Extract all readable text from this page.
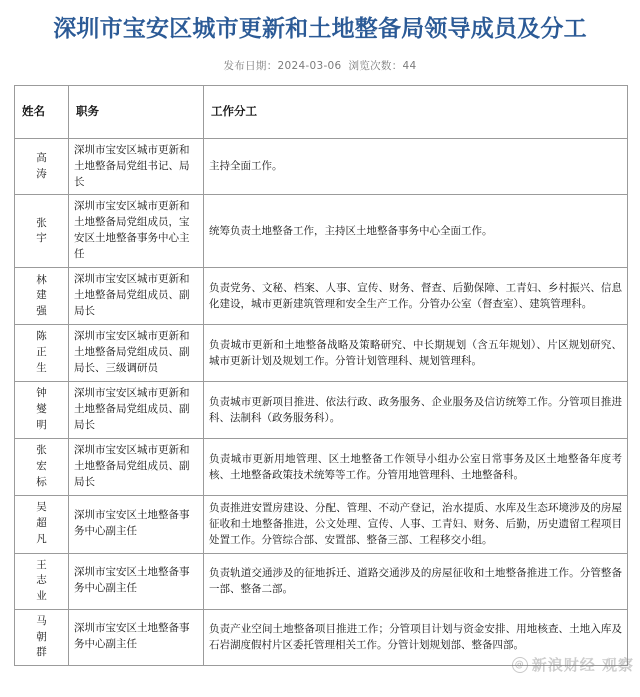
深圳市宝安区城市更新和土地整备局领导成员及分工

发布日期：2024-03-06 浏览次数：44

姓名	职务	工作分工
高涛	深圳市宝安区城市更新和土地整备局党组书记、局长	主持全面工作。

张宇	深圳市宝安区城市更新和土地整备局党组成员，宝安区土地整备事务中心主任	统筹负责土地整备工作，主持区土地整备事务中心全面工作。

林建强	深圳市宝安区城市更新和土地整备局党组成员、副局长	负责党务、文秘、档案、人事、宣传、财务、督查、后勤保障、工青妇、乡村振兴、信息化建设，城市更新建筑管理和安全生产工作。分管办公室（督查室）、建筑管理科。

陈正生	深圳市宝安区城市更新和土地整备局党组成员、副局长、三级调研员	负责城市更新和土地整备战略及策略研究、中长期规划（含五年规划）、片区规划研究、城市更新计划及规划工作。分管计划管理科、规划管理科。

钟燮明	深圳市宝安区城市更新和土地整备局党组成员、副局长	负责城市更新项目推进、依法行政、政务服务、企业服务及信访统筹工作。分管项目推进科、法制科（政务服务科）。

张宏标	深圳市宝安区城市更新和土地整备局党组成员、副局长	负责城市更新用地管理、区土地整备工作领导小组办公室日常事务及区土地整备年度考核、土地整备政策技术统筹等工作。分管用地管理科、土地整备科。

吴超凡	深圳市宝安区土地整备事务中心副主任	负责推进安置房建设、分配、管理、不动产登记，治水提质、水库及生态环境涉及的房屋征收和土地整备推进，公文处理、宣传、人事、工青妇、财务、后勤，历史遗留工程项目处置工作。分管综合部、安置部、整备三部、工程移交小组。

王志业	深圳市宝安区土地整备事务中心副主任	负责轨道交通涉及的征地拆迁、道路交通涉及的房屋征收和土地整备推进工作。分管整备一部、整备二部。

马朝群	深圳市宝安区土地整备事务中心副主任	负责产业空间土地整备项目推进工作；分管项目计划与资金安排、用地核查、土地入库及石岩湖度假村片区委托管理相关工作。分管计划规划部、整备四部。
@
新浪财经 观察
